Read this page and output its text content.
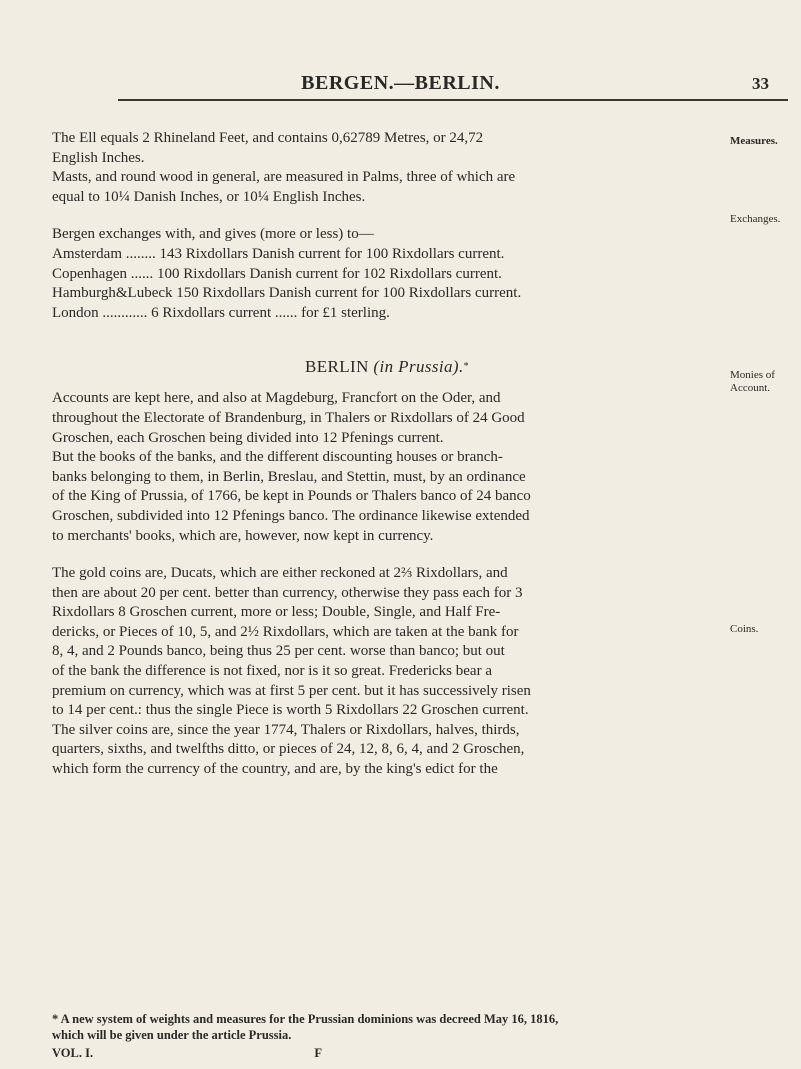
BERGEN.—BERLIN.	33
Measures.
Exchanges.
Monies of Account.
Coins.
The Ell equals 2 Rhineland Feet, and contains 0,62789 Metres, or 24,72
English Inches.
Masts, and round wood in general, are measured in Palms, three of which are
equal to 10¼ Danish Inches, or 10¼ English Inches.
Bergen exchanges with, and gives (more or less) to—
Amsterdam ........ 143 Rixdollars Danish current for 100 Rixdollars current.
Copenhagen ...... 100 Rixdollars Danish current for 102 Rixdollars current.
Hamburgh&Lubeck 150 Rixdollars Danish current for 100 Rixdollars current.
London ............ 6 Rixdollars current ...... for £1 sterling.
BERLIN (in Prussia).*
Accounts are kept here, and also at Magdeburg, Francfort on the Oder, and
throughout the Electorate of Brandenburg, in Thalers or Rixdollars of 24 Good
Groschen, each Groschen being divided into 12 Pfenings current.
But the books of the banks, and the different discounting houses or branch-
banks belonging to them, in Berlin, Breslau, and Stettin, must, by an ordinance
of the King of Prussia, of 1766, be kept in Pounds or Thalers banco of 24 banco
Groschen, subdivided into 12 Pfenings banco. The ordinance likewise extended
to merchants' books, which are, however, now kept in currency.
The gold coins are, Ducats, which are either reckoned at 2⅔ Rixdollars, and
then are about 20 per cent. better than currency, otherwise they pass each for 3
Rixdollars 8 Groschen current, more or less; Double, Single, and Half Fre-
dericks, or Pieces of 10, 5, and 2½ Rixdollars, which are taken at the bank for
8, 4, and 2 Pounds banco, being thus 25 per cent. worse than banco; but out
of the bank the difference is not fixed, nor is it so great. Fredericks bear a
premium on currency, which was at first 5 per cent. but it has successively risen
to 14 per cent.: thus the single Piece is worth 5 Rixdollars 22 Groschen current.
The silver coins are, since the year 1774, Thalers or Rixdollars, halves, thirds,
quarters, sixths, and twelfths ditto, or pieces of 24, 12, 8, 6, 4, and 2 Groschen,
which form the currency of the country, and are, by the king's edict for the
* A new system of weights and measures for the Prussian dominions was decreed May 16, 1816,
which will be given under the article Prussia.
VOL. I.	F
